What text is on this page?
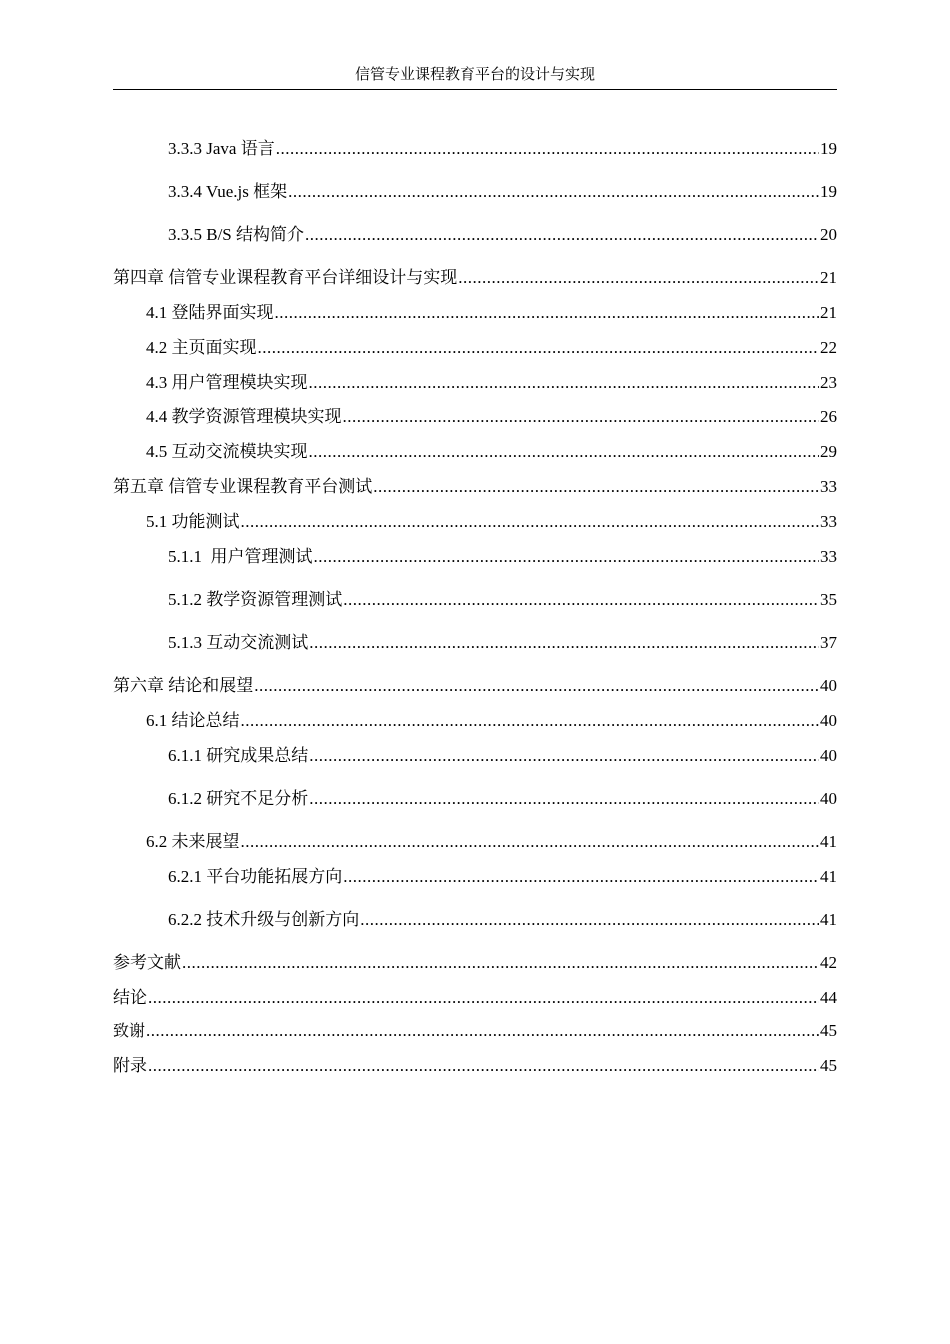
信管专业课程教育平台的设计与实现
3.3.3 Java 语言 .....	19
3.3.4 Vue.js 框架 .....	19
3.3.5 B/S 结构简介 .....	20
第四章 信管专业课程教育平台详细设计与实现 .....	21
4.1 登陆界面实现 .....	21
4.2 主页面实现 .....	22
4.3 用户管理模块实现 .....	23
4.4 教学资源管理模块实现 .....	26
4.5 互动交流模块实现 .....	29
第五章 信管专业课程教育平台测试 .....	33
5.1 功能测试 .....	33
5.1.1  用户管理测试 .....	33
5.1.2 教学资源管理测试 .....	35
5.1.3 互动交流测试 .....	37
第六章 结论和展望 .....	40
6.1 结论总结 .....	40
6.1.1 研究成果总结 .....	40
6.1.2 研究不足分析 .....	40
6.2 未来展望 .....	41
6.2.1 平台功能拓展方向 .....	41
6.2.2 技术升级与创新方向 .....	41
参考文献 .....	42
结论 .....	44
致谢 .....	45
附录 .....	45
